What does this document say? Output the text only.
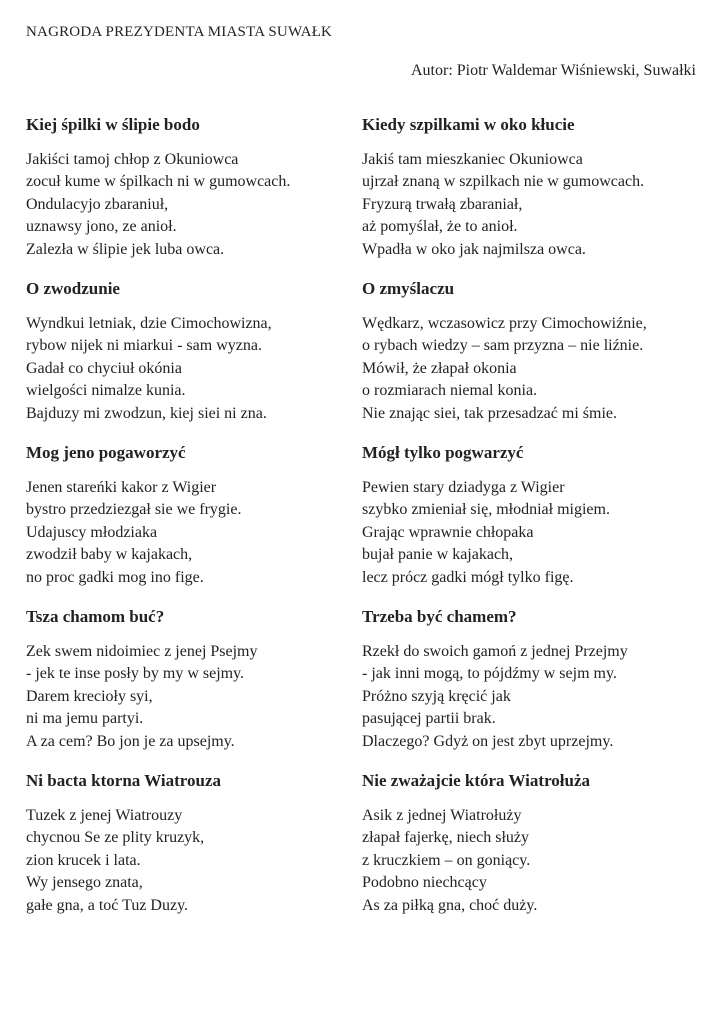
NAGRODA PREZYDENTA MIASTA SUWAŁK
Autor: Piotr Waldemar Wiśniewski, Suwałki
Kiej śpilki w ślipie bodo
Jakiści tamoj chłop z Okuniowca
zocuł kume w śpilkach ni w gumowcach.
Ondulacyjo zbaraniuł,
uznawsy jono, ze anioł.
Zalezła w ślipie jek luba owca.
O zwodzunie
Wyndkui letniak, dzie Cimochowizna,
rybow nijek ni miarkui - sam wyzna.
Gadał co chyciuł okónia
wielgości nimalze kunia.
Bajduzy mi zwodzun, kiej siei ni zna.
Mog jeno pogaworzyć
Jenen stareńki kakor z Wigier
bystro przedziezgał sie we frygie.
Udajuscy młodziaka
zwodził baby w kajakach,
no proc gadki mog ino fige.
Tsza chamom buć?
Zek swem nidoimiec z jenej Psejmy
- jek te inse posły by my w sejmy.
Darem krecioły syi,
ni ma jemu partyi.
A za cem? Bo jon je za upsejmy.
Ni bacta ktorna Wiatrouza
Tuzek z jenej Wiatrouzy
chycnou Se ze plity kruzyk,
zion krucek i lata.
Wy jensego znata,
gałe gna, a toć Tuz Duzy.
Kiedy szpilkami w oko kłucie
Jakiś tam mieszkaniec Okuniowca
ujrzał znaną w szpilkach nie w gumowcach.
Fryzurą trwałą zbaraniał,
aż pomyślał, że to anioł.
Wpadła w oko jak najmilsza owca.
O zmyślaczu
Wędkarz, wczasowicz przy Cimochowiźnie,
o rybach wiedzy – sam przyzna – nie liźnie.
Mówił, że złapał okonia
o rozmiarach niemal konia.
Nie znając siei, tak przesadzać mi śmie.
Mógł tylko pogwarzyć
Pewien stary dziadyga z Wigier
szybko zmieniał się, młodniał migiem.
Grając wprawnie chłopaka
bujał panie w kajakach,
lecz prócz gadki mógł tylko figę.
Trzeba być chamem?
Rzekł do swoich gamoń z jednej Przejmy
- jak inni mogą, to pójdźmy w sejm my.
Próżno szyją kręcić jak
pasującej partii brak.
Dlaczego? Gdyż on jest zbyt uprzejmy.
Nie zważajcie która Wiatrołuża
Asik z jednej Wiatrołuży
złapał fajerkę, niech służy
z kruczkiem – on goniący.
Podobno niechcący
As za piłką gna, choć duży.
